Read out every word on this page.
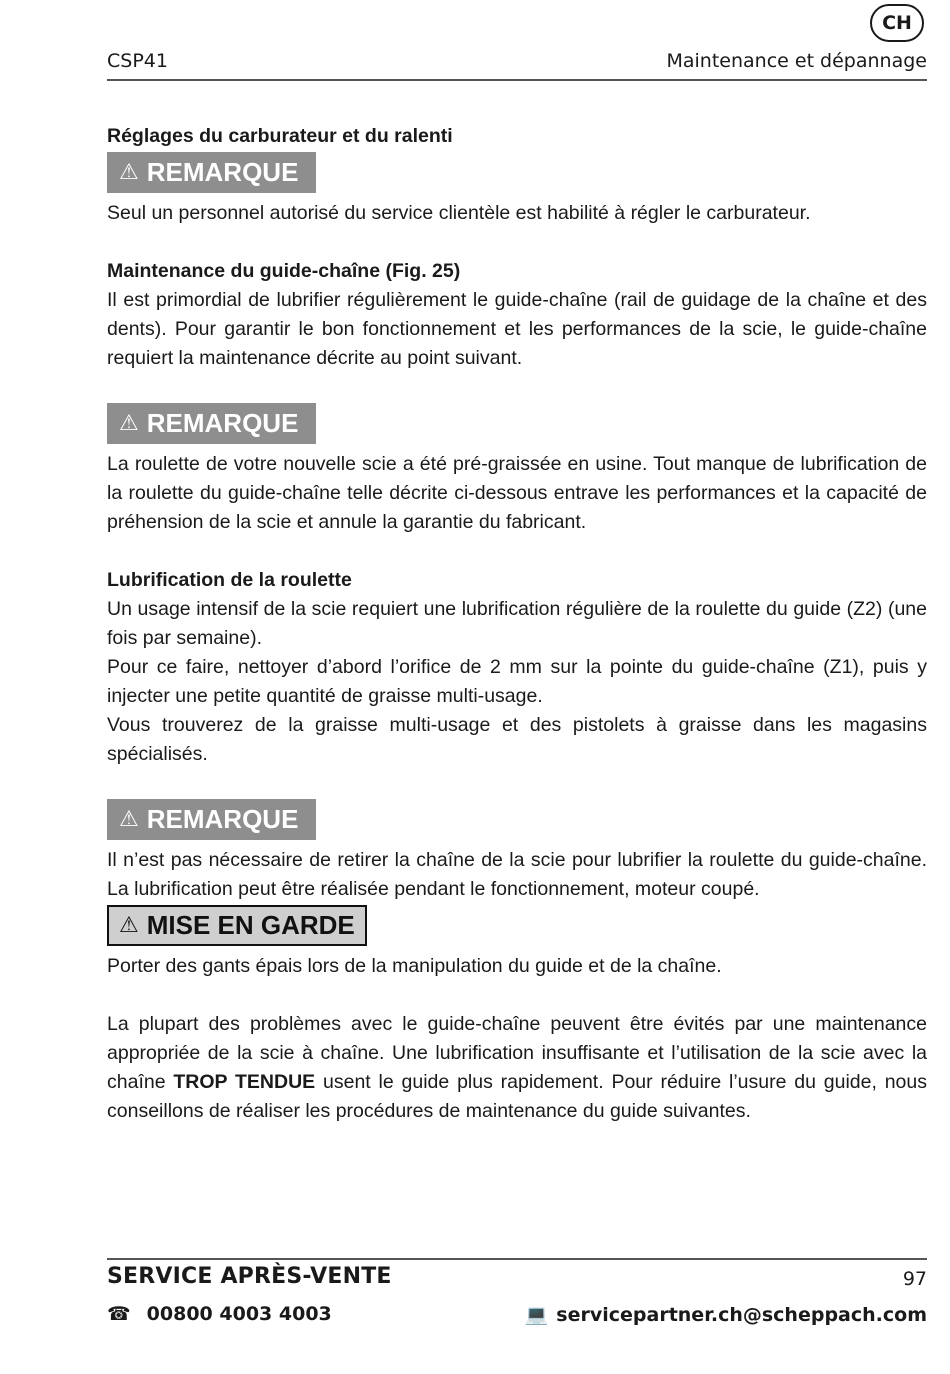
CH
CSP41	Maintenance et dépannage

Réglages du carburateur et du ralenti

⚠ REMARQUE

Seul un personnel autorisé du service clientèle est habilité à régler le carburateur.

Maintenance du guide-chaîne (Fig. 25)

Il est primordial de lubrifier régulièrement le guide-chaîne (rail de guidage de la chaîne et des dents). Pour garantir le bon fonctionnement et les performances de la scie, le guide-chaîne requiert la maintenance décrite au point suivant.

⚠ REMARQUE

La roulette de votre nouvelle scie a été pré-graissée en usine. Tout manque de lubrification de la roulette du guide-chaîne telle décrite ci-dessous entrave les performances et la capacité de préhension de la scie et annule la garantie du fabricant.

Lubrification de la roulette

Un usage intensif de la scie requiert une lubrification régulière de la roulette du guide (Z2) (une fois par semaine).

Pour ce faire, nettoyer d’abord l’orifice de 2 mm sur la pointe du guide-chaîne (Z1), puis y injecter une petite quantité de graisse multi-usage.

Vous trouverez de la graisse multi-usage et des pistolets à graisse dans les magasins spécialisés.

⚠ REMARQUE

Il n’est pas nécessaire de retirer la chaîne de la scie pour lubrifier la roulette du guide-chaîne. La lubrification peut être réalisée pendant le fonctionnement, moteur coupé.

⚠ MISE EN GARDE

Porter des gants épais lors de la manipulation du guide et de la chaîne.

La plupart des problèmes avec le guide-chaîne peuvent être évités par une maintenance appropriée de la scie à chaîne. Une lubrification insuffisante et l’utilisation de la scie avec la chaîne TROP TENDUE usent le guide plus rapidement. Pour réduire l’usure du guide, nous conseillons de réaliser les procédures de maintenance du guide suivantes.

SERVICE APRÈS-VENTE	97
☎ 00800 4003 4003	💻 servicepartner.ch@scheppach.com
